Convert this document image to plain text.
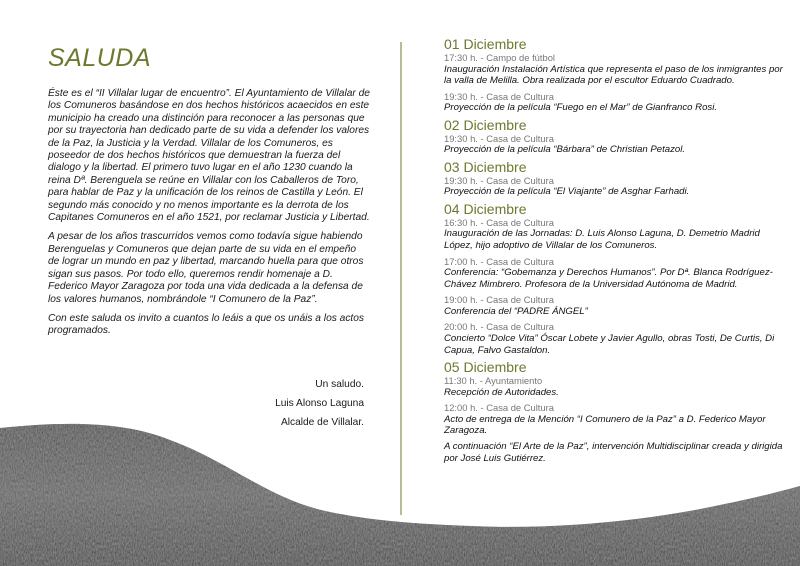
SALUDA

Éste es el “II Villalar lugar de encuentro”. El Ayuntamiento de Villalar de los Comuneros basándose en dos hechos históricos acaecidos en este municipio ha creado una distinción para reconocer a las personas que por su trayectoria han dedicado parte de su vida a defender los valores de la Paz, la Justicia y la Verdad. Villalar de los Comuneros, es poseedor de dos hechos históricos que demuestran la fuerza del dialogo y la libertad. El primero tuvo lugar en el año 1230 cuando la reina Dª. Berenguela se reúne en Villalar con los Caballeros de Toro, para hablar de Paz y la unificación de los reinos de Castilla y León. El segundo más conocido y no menos importante es la derrota de los Capitanes Comuneros en el año 1521, por reclamar Justicia y Libertad.

A pesar de los años trascurridos vemos como todavía sigue habiendo Berenguelas y Comuneros que dejan parte de su vida en el empeño de lograr un mundo en paz y libertad, marcando huella para que otros sigan sus pasos. Por todo ello, queremos rendir homenaje a D. Federico Mayor Zaragoza por toda una vida dedicada a la defensa de los valores humanos, nombrándole “I Comunero de la Paz”.

Con este saluda os invito a cuantos lo leáis a que os unáis a los actos programados.

Un saludo.
Luis Alonso Laguna
Alcalde de Villalar.
01 Diciembre
17:30 h. - Campo de fútbol
Inauguración Instalación Artística que representa el paso de los inmigrantes por la valla de Melilla. Obra realizada por el escultor Eduardo Cuadrado.
19:30 h. - Casa de Cultura
Proyección de la película “Fuego en el Mar” de Gianfranco Rosi.
02 Diciembre
19:30 h. - Casa de Cultura
Proyección de la película “Bárbara” de Christian Petazol.
03 Diciembre
19:30 h. - Casa de Cultura
Proyección de la película “El Viajante” de Asghar Farhadi.
04 Diciembre
16:30 h. - Casa de Cultura
Inauguración de las Jornadas: D. Luis Alonso Laguna, D. Demetrio Madrid López, hijo adoptivo de Villalar de los Comuneros.
17:00 h. - Casa de Cultura
Conferencia: “Gobemanza y Derechos Humanos”. Por Dª. Blanca Rodríguez-Chávez Mimbrero. Profesora de la Universidad Autónoma de Madrid.
19:00 h. - Casa de Cultura
Conferencia del “PADRE ÁNGEL”
20:00 h. - Casa de Cultura
Concierto “Dolce Vita” Óscar Lobete y Javier Agullo, obras Tosti, De Curtis, Di Capua, Falvo Gastaldon.
05 Diciembre
11:30 h. - Ayuntamiento
Recepción de Autoridades.
12:00 h. - Casa de Cultura
Acto de entrega de la Mención “I Comunero de la Paz” a D. Federico Mayor Zaragoza.
A continuación “El Arte de la Paz”, intervención Multidisciplinar creada y dirigida por José Luis Gutiérrez.
